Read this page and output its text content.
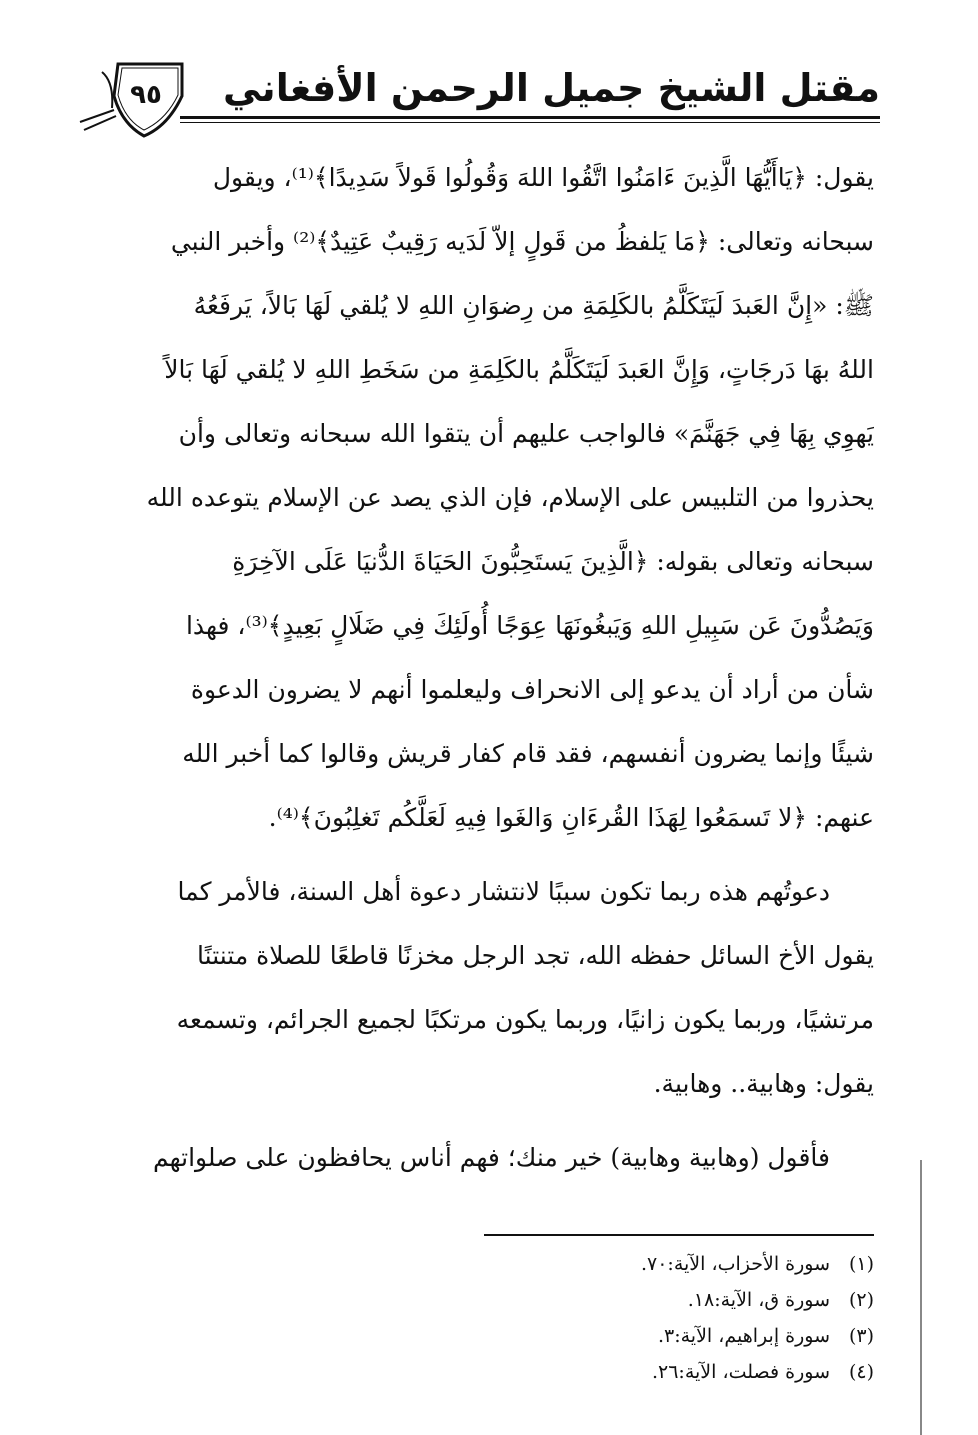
٩٥	مقتل الشيخ جميل الرحمن الأفغاني
يقول: ﴿يَاأَيُّهَا الَّذِينَ ءَامَنُوا اتَّقُوا اللهَ وَقُولُوا قَولاً سَدِيدًا﴾⁽¹⁾، ويقول
سبحانه وتعالى: ﴿مَا يَلفظُ من قَولٍ إلاّ لَدَيه رَقِيبٌ عَتِيدٌ﴾⁽²⁾ وأخبر النبي
ﷺ: «إِنَّ العَبدَ لَيَتَكَلَّمُ بالكَلِمَةِ من رِضوَانِ اللهِ لا يُلقي لَهَا بَالاً، يَرفَعُهُ
اللهُ بهَا دَرجَاتٍ، وَإِنَّ العَبدَ لَيَتَكَلَّمُ بالكَلِمَةِ من سَخَطِ اللهِ لا يُلقي لَهَا بَالاً
يَهوِي بِهَا فِي جَهَنَّمَ» فالواجب عليهم أن يتقوا الله سبحانه وتعالى وأن
يحذروا من التلبيس على الإسلام، فإن الذي يصد عن الإسلام يتوعده الله
سبحانه وتعالى بقوله: ﴿الَّذِينَ يَستَحِبُّونَ الحَيَاةَ الدُّنيَا عَلَى الآخِرَةِ
وَيَصُدُّونَ عَن سَبِيلِ اللهِ وَيَبغُونَهَا عِوَجًا أُولَئِكَ فِي ضَلَالٍ بَعِيدٍ﴾⁽³⁾، فهذا
شأن من أراد أن يدعو إلى الانحراف وليعلموا أنهم لا يضرون الدعوة
شيئًا وإنما يضرون أنفسهم، فقد قام كفار قريش وقالوا كما أخبر الله
عنهم: ﴿لا تَسمَعُوا لِهَذَا القُرءَانِ وَالغَوا فِيهِ لَعَلَّكُم تَغلِبُونَ﴾⁽⁴⁾.
دعوتُهم هذه ربما تكون سببًا لانتشار دعوة أهل السنة، فالأمر كما
يقول الأخ السائل حفظه الله، تجد الرجل مخزنًا قاطعًا للصلاة متنتنًا
مرتشيًا، وربما يكون زانيًا، وربما يكون مرتكبًا لجميع الجرائم، وتسمعه
يقول: وهابية.. وهابية.
فأقول (وهابية وهابية) خير منك؛ فهم أناس يحافظون على صلواتهم
(١)سورة الأحزاب، الآية:٧٠.
(٢)سورة ق، الآية:١٨.
(٣)سورة إبراهيم، الآية:٣.
(٤)سورة فصلت، الآية:٢٦.
